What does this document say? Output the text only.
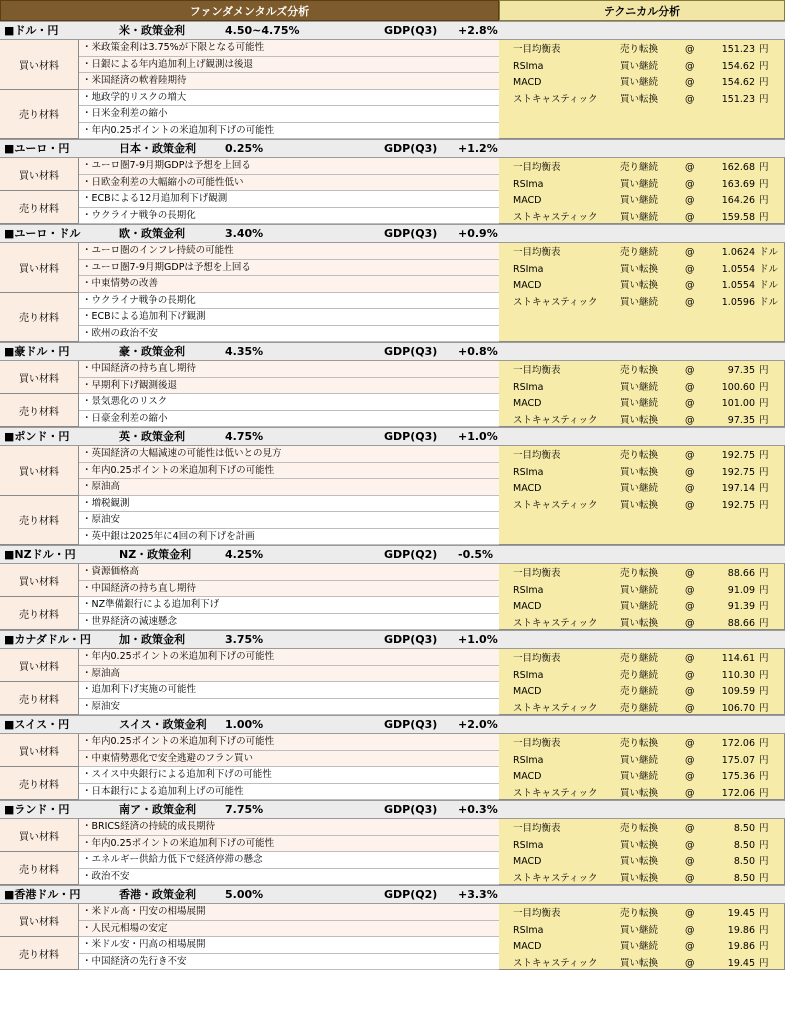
ファンダメンタルズ分析	テクニカル分析
■ドル・円	米・政策金利	4.50~4.75%	GDP(Q3) +2.8%
買い材料
売り材料
・米政策金利は3.75%が下限となる可能性
・日銀による年内追加利上げ観測は後退
・米国経済の軟着陸期待
・地政学的リスクの増大
・日米金利差の縮小
・年内0.25ポイントの米追加利下げの可能性
一目均衡表	売り転換	@	151.23 円
RSIma	買い継続	@	154.62 円
MACD	買い継続	@	154.62 円
ストキャスティック 買い転換	@	151.23 円
■ユーロ・円	日本・政策金利	0.25%	GDP(Q3) +1.2%
買い材料
売り材料
・ユーロ圏7-9月期GDPは予想を上回る
・日欧金利差の大幅縮小の可能性低い
・ECBによる12月追加利下げ観測
・ウクライナ戦争の長期化
一目均衡表	売り継続	@	162.68 円
RSIma	買い継続	@	163.69 円
MACD	買い継続	@	164.26 円
ストキャスティック 買い継続	@	159.58 円
■ユーロ・ドル	欧・政策金利	3.40%	GDP(Q3) +0.9%
買い材料
売り材料
・ユーロ圏のインフレ持続の可能性
・ユーロ圏7-9月期GDPは予想を上回る
・中東情勢の改善
・ウクライナ戦争の長期化
・ECBによる追加利下げ観測
・欧州の政治不安
一目均衡表	売り継続	@	1.0624 ドル
RSIma	買い転換	@	1.0554 ドル
MACD	買い転換	@	1.0554 ドル
ストキャスティック 買い継続	@	1.0596 ドル
■豪ドル・円	豪・政策金利	4.35%	GDP(Q3) +0.8%
買い材料
売り材料
・中国経済の持ち直し期待
・早期利下げ観測後退
・景気悪化のリスク
・日豪金利差の縮小
一目均衡表	売り転換	@	97.35 円
RSIma	買い継続	@	100.60 円
MACD	買い継続	@	101.00 円
ストキャスティック 買い転換	@	97.35 円
■ポンド・円	英・政策金利	4.75%	GDP(Q3) +1.0%
買い材料
売り材料
・英国経済の大幅減速の可能性は低いとの見方
・年内0.25ポイントの米追加利下げの可能性
・原油高
・増税観測
・原油安
・英中銀は2025年に4回の利下げを計画
一目均衡表	売り転換	@	192.75 円
RSIma	買い転換	@	192.75 円
MACD	買い継続	@	197.14 円
ストキャスティック 買い転換	@	192.75 円
■NZドル・円	NZ・政策金利	4.25%	GDP(Q2) -0.5%
買い材料
売り材料
・資源価格高
・中国経済の持ち直し期待
・NZ準備銀行による追加利下げ
・世界経済の減速懸念
一目均衡表	売り転換	@	88.66 円
RSIma	買い継続	@	91.09 円
MACD	買い継続	@	91.39 円
ストキャスティック 買い転換	@	88.66 円
■カナダドル・円	加・政策金利	3.75%	GDP(Q3) +1.0%
買い材料
売り材料
・年内0.25ポイントの米追加利下げの可能性
・原油高
・追加利下げ実施の可能性
・原油安
一目均衡表	売り継続	@	114.61 円
RSIma	売り継続	@	110.30 円
MACD	売り継続	@	109.59 円
ストキャスティック 売り継続	@	106.70 円
■スイス・円	スイス・政策金利 1.00%	GDP(Q3) +2.0%
買い材料
売り材料
・年内0.25ポイントの米追加利下げの可能性
・中東情勢悪化で安全逃避のフラン買い
・スイス中央銀行による追加利下げの可能性
・日本銀行による追加利上げの可能性
一目均衡表	売り転換	@	172.06 円
RSIma	買い継続	@	175.07 円
MACD	買い継続	@	175.36 円
ストキャスティック 買い転換	@	172.06 円
■ランド・円	南ア・政策金利	7.75%	GDP(Q3) +0.3%
買い材料
売り材料
・BRICS経済の持続的成長期待
・年内0.25ポイントの米追加利下げの可能性
・エネルギー供給力低下で経済停滞の懸念
・政治不安
一目均衡表	売り転換	@	8.50 円
RSIma	買い転換	@	8.50 円
MACD	買い転換	@	8.50 円
ストキャスティック 買い転換	@	8.50 円
■香港ドル・円	香港・政策金利	5.00%	GDP(Q2) +3.3%
買い材料
売り材料
・米ドル高・円安の相場展開
・人民元相場の安定
・米ドル安・円高の相場展開
・中国経済の先行き不安
一目均衡表	売り転換	@	19.45 円
RSIma	買い継続	@	19.86 円
MACD	買い継続	@	19.86 円
ストキャスティック 買い転換	@	19.45 円
